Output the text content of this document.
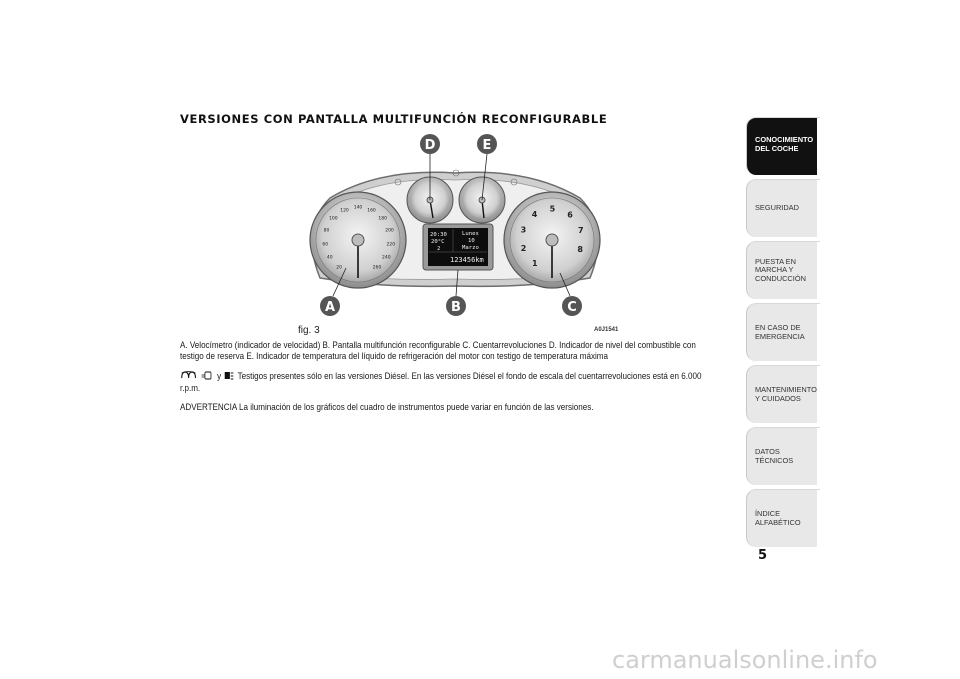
VERSIONES CON PANTALLA MULTIFUNCIÓN RECONFIGURABLE
20
40
60
80
100
120
140
160
180
200
220
240
260	1
2
3
4
5
6
7
8
20:30
20°C
2
Lunes
10
Marzo
123456km
D	E
A	B	C
fig. 3	A0J1541
A. Velocímetro (indicador de velocidad) B. Pantalla multifunción reconfigurable C. Cuentarrevoluciones D. Indicador de nivel del combustible con testigo de reserva E. Indicador de temperatura del líquido de refrigeración del motor con testigo de temperatura máxima
y Testigos presentes sólo en las versiones Diésel. En las versiones Diésel el fondo de escala del cuentarrevoluciones está en 6.000 r.p.m.
ADVERTENCIA La iluminación de los gráficos del cuadro de instrumentos puede variar en función de las versiones.
CONOCIMIENTO DEL COCHE
SEGURIDAD
PUESTA EN MARCHA Y CONDUCCIÓN
EN CASO DE EMERGENCIA
MANTENIMIENTO Y CUIDADOS
DATOS TÉCNICOS
ÍNDICE ALFABÉTICO
5
carmanualsonline.info
